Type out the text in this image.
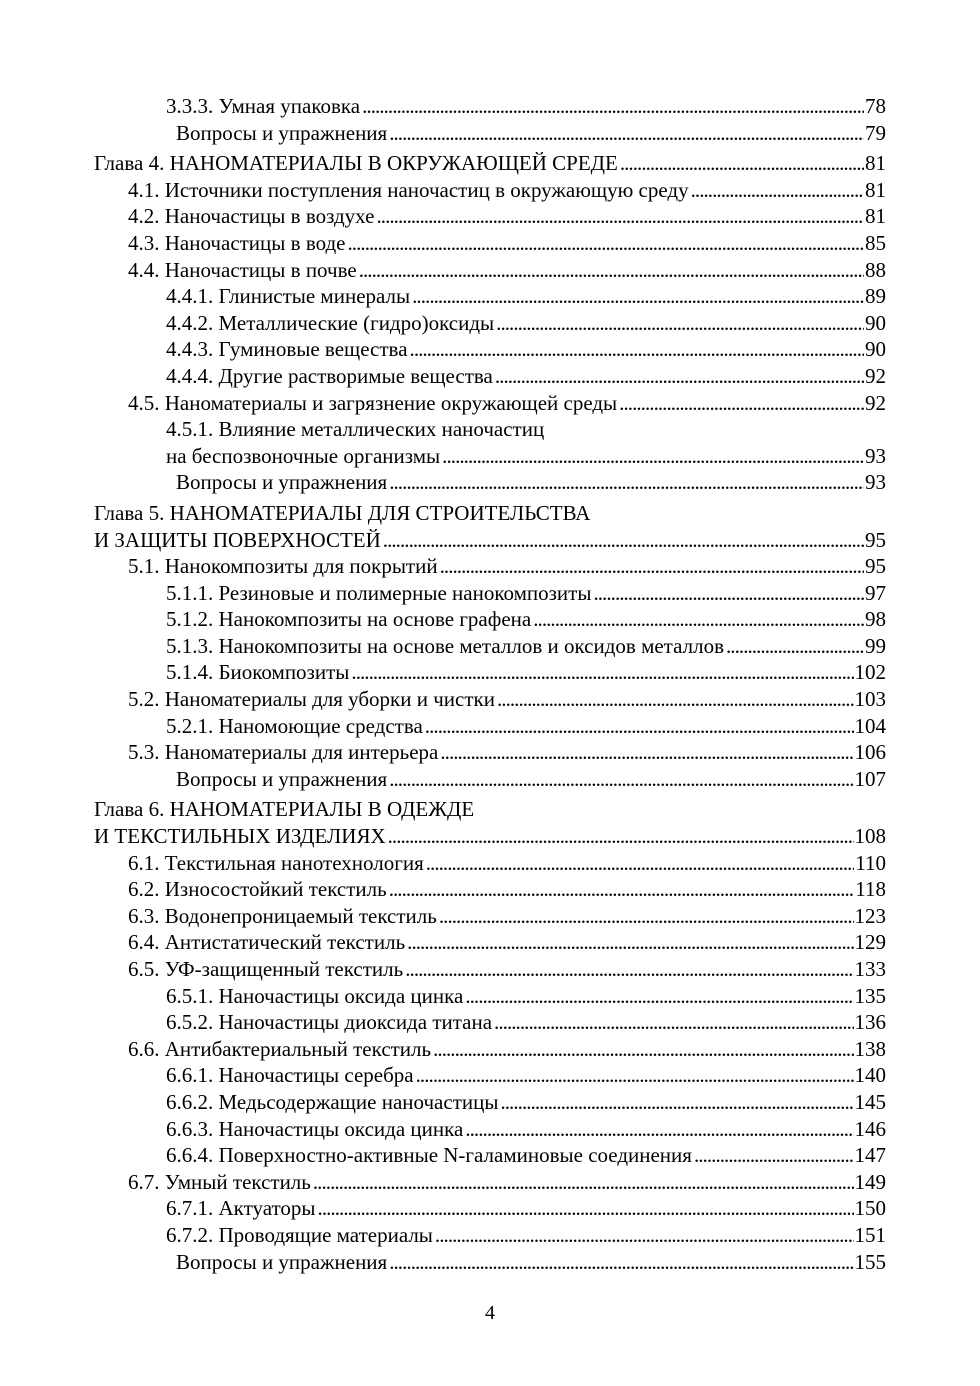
3.3.3. Умная упаковка . . .	78
Вопросы и упражнения . . .	79
Глава 4. НАНОМАТЕРИАЛЫ В ОКРУЖАЮЩЕЙ СРЕДЕ . . .	81
4.1. Источники поступления наночастиц в окружающую среду . . .	81
4.2. Наночастицы в воздухе . . .	81
4.3. Наночастицы в воде . . .	85
4.4. Наночастицы в почве . . .	88
4.4.1. Глинистые минералы . . .	89
4.4.2. Металлические (гидро)оксиды . . .	90
4.4.3. Гуминовые вещества . . .	90
4.4.4. Другие растворимые вещества . . .	92
4.5. Наноматериалы и загрязнение окружающей среды . . .	92
4.5.1. Влияние металлических наночастиц
на беспозвоночные организмы . . .	93
Вопросы и упражнения . . .	93
Глава 5. НАНОМАТЕРИАЛЫ ДЛЯ СТРОИТЕЛЬСТВА
И ЗАЩИТЫ ПОВЕРХНОСТЕЙ . . .	95
5.1. Нанокомпозиты для покрытий . . .	95
5.1.1. Резиновые и полимерные нанокомпозиты . . .	97
5.1.2. Нанокомпозиты на основе графена . . .	98
5.1.3. Нанокомпозиты на основе металлов и оксидов металлов . . .	99
5.1.4. Биокомпозиты . . .	102
5.2. Наноматериалы для уборки и чистки . . .	103
5.2.1. Наномоющие средства . . .	104
5.3. Наноматериалы для интерьера . . .	106
Вопросы и упражнения . . .	107
Глава 6. НАНОМАТЕРИАЛЫ В ОДЕЖДЕ
И ТЕКСТИЛЬНЫХ ИЗДЕЛИЯХ . . .	108
6.1. Текстильная нанотехнология . . .	110
6.2. Износостойкий текстиль . . .	118
6.3. Водонепроницаемый текстиль . . .	123
6.4. Антистатический текстиль . . .	129
6.5. УФ-защищенный текстиль . . .	133
6.5.1. Наночастицы оксида цинка . . .	135
6.5.2. Наночастицы диоксида титана . . .	136
6.6. Антибактериальный текстиль . . .	138
6.6.1. Наночастицы серебра . . .	140
6.6.2. Медьсодержащие наночастицы . . .	145
6.6.3. Наночастицы оксида цинка . . .	146
6.6.4. Поверхностно-активные N-галаминовые соединения . . .	147
6.7. Умный текстиль . . .	149
6.7.1. Актуаторы . . .	150
6.7.2. Проводящие материалы . . .	151
Вопросы и упражнения . . .	155
4
